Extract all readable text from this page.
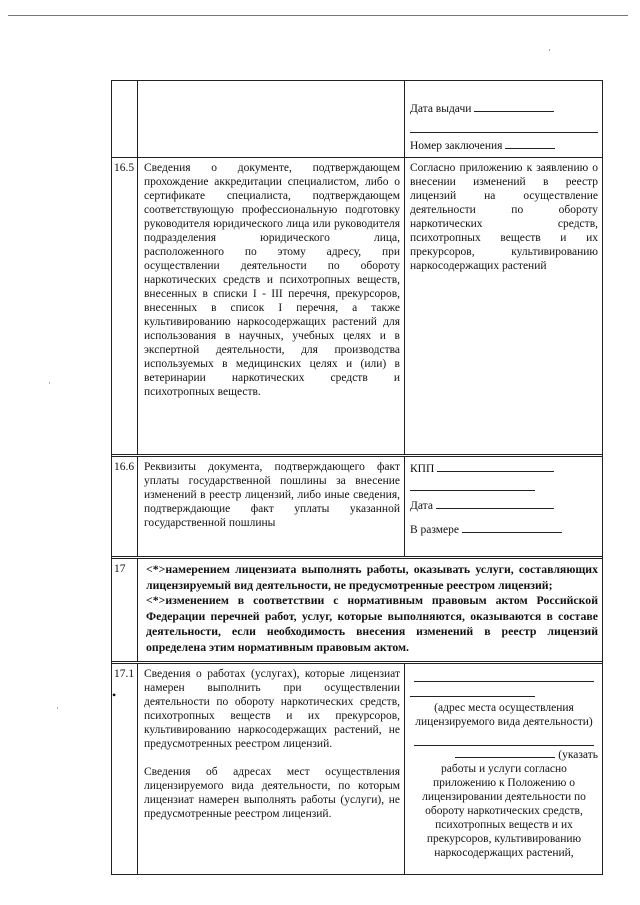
Дата выдачи
Номер заключения
16.5 Сведения о документе, подтверждающем прохождение аккредитации специалистом, либо о сертификате специалиста, подтверждающем соответствующую профессиональную подготовку руководителя юридического лица или руководителя подразделения юридического лица, расположенного по этому адресу, при осуществлении деятельности по обороту наркотических средств и психотропных веществ, внесенных в списки I - III перечня, прекурсоров, внесенных в список I перечня, а также культивированию наркосодержащих растений для использования в научных, учебных целях и в экспертной деятельности, для производства используемых в медицинских целях и (или) в ветеринарии наркотических средств и психотропных веществ.
Согласно приложению к заявлению о внесении изменений в реестр лицензий на осуществление деятельности по обороту наркотических средств, психотропных веществ и их прекурсоров, культивированию наркосодержащих растений
16.6 Реквизиты документа, подтверждающего факт уплаты государственной пошлины за внесение изменений в реестр лицензий, либо иные сведения, подтверждающие факт уплаты указанной государственной пошлины
КПП
Дата
В размере
17	<*>намерением лицензиата выполнять работы, оказывать услуги, составляющих лицензируемый вид деятельности, не предусмотренные реестром лицензий;
<*>изменением в соответствии с нормативным правовым актом Российской Федерации перечней работ, услуг, которые выполняются, оказываются в составе деятельности, если необходимость внесения изменений в реестр лицензий определена этим нормативным правовым актом.
17.1 Сведения о работах (услугах), которые лицензиат намерен выполнить при осуществлении деятельности по обороту наркотических средств, психотропных веществ и их прекурсоров, культивированию наркосодержащих растений, не предусмотренных реестром лицензий.
Сведения об адресах мест осуществления лицензируемого вида деятельности, по которым лицензиат намерен выполнять работы (услуги), не предусмотренные реестром лицензий.
(адрес места осуществления лицензируемого вида деятельности)
(указать
работы и услуги согласно приложению к Положению о лицензировании деятельности по обороту наркотических средств, психотропных веществ и их прекурсоров, культивированию наркосодержащих растений,
·
·
·
•
